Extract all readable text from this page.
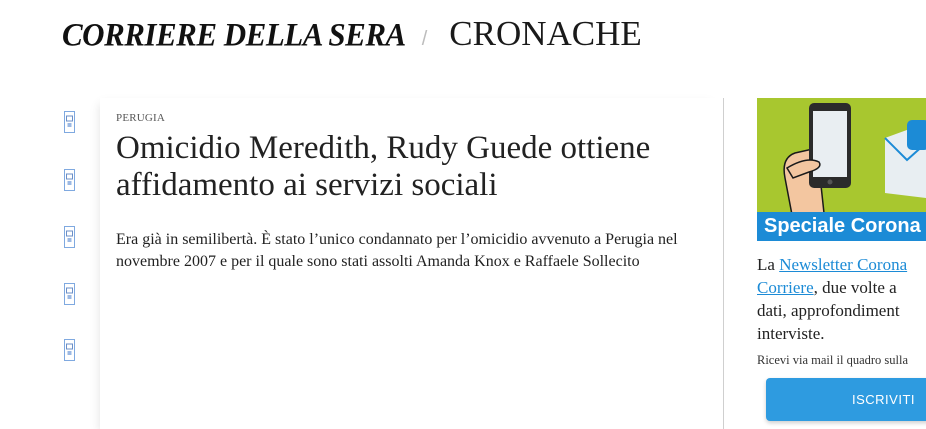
CORRIERE DELLA SERA / CRONACHE
PERUGIA
Omicidio Meredith, Rudy Guede ottiene affidamento ai servizi sociali

Era già in semilibertà. È stato l’unico condannato per l’omicidio avvenuto a Perugia nel novembre 2007 e per il quale sono stati assolti Amanda Knox e Raffaele Sollecito

Speciale Corona
La Newsletter Corona
Corriere, due volte a
dati, approfondiment
interviste.
Ricevi via mail il quadro sulla
ISCRIVITI
